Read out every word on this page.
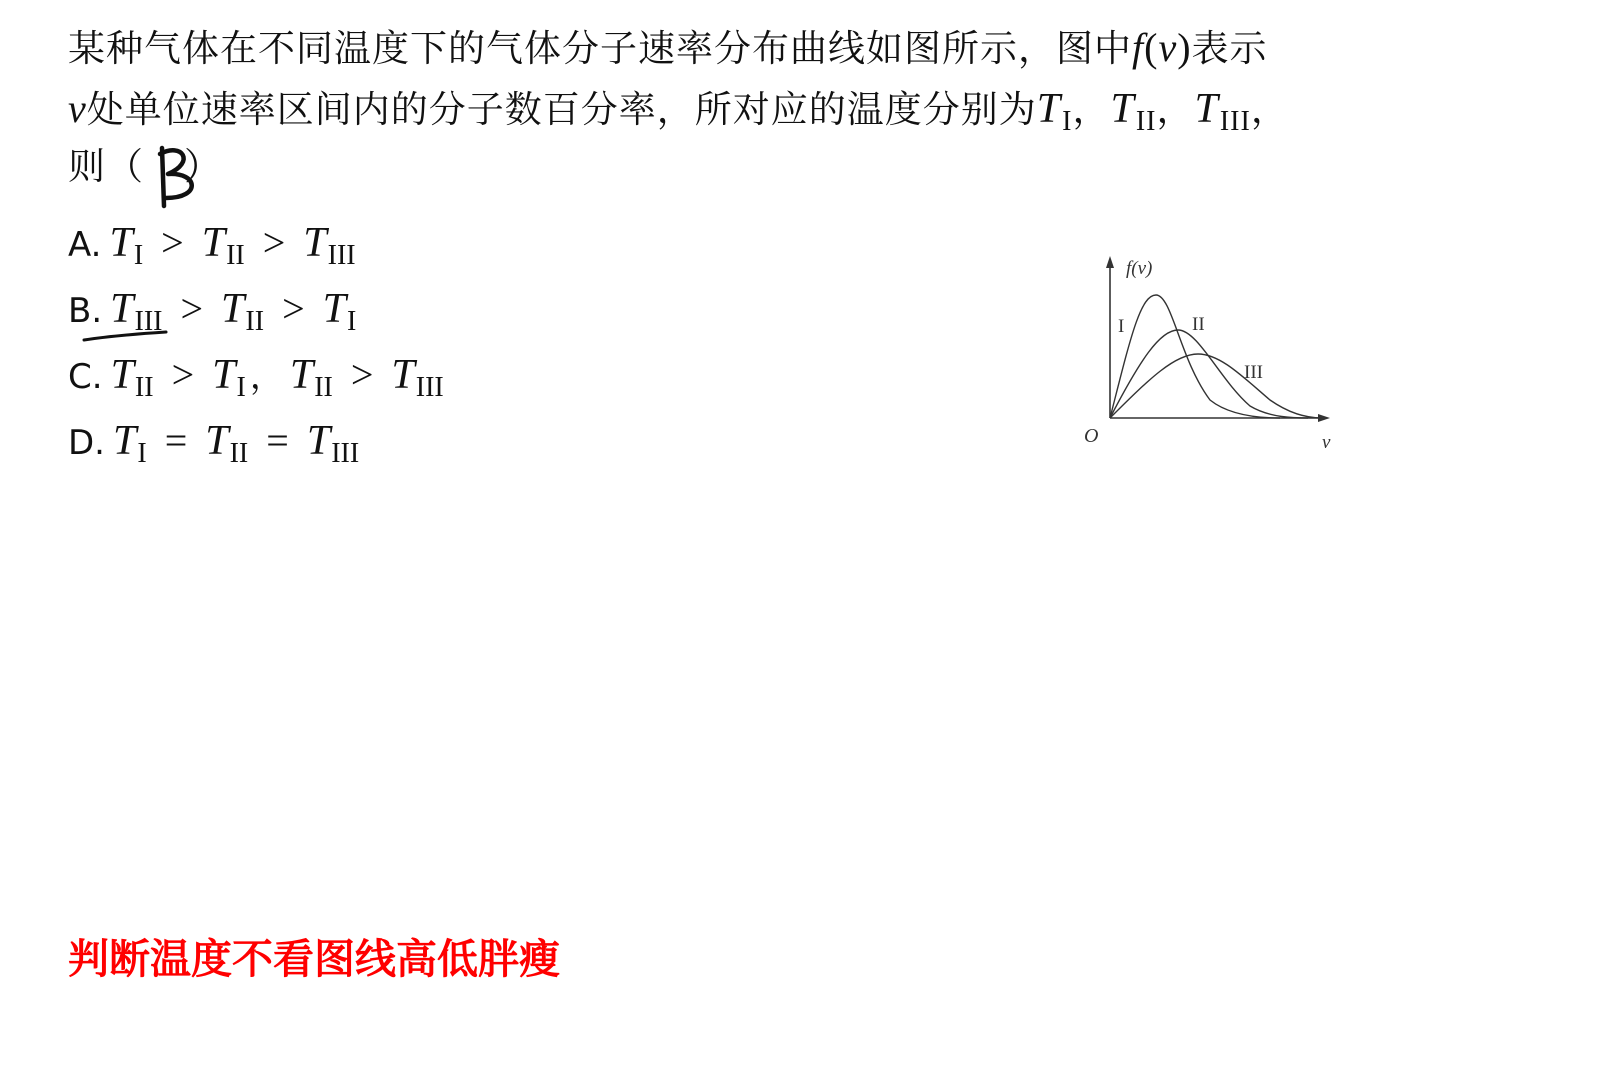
某种气体在不同温度下的气体分子速率分布曲线如图所示，图中f(v)表示
v处单位速率区间内的分子数百分率，所对应的温度分别为$T_I$，$T_{II}$，$T_{III}$，
则（ ）
A. $T_I > T_{II} > T_{III}$
B. $T_{III} > T_{II} > T_I$
C. $T_{II} > T_I$ ， $T_{II} > T_{III}$
D. $T_I = T_{II} = T_{III}$
f(v)
v
O
I	II
III
判断温度不看图线高低胖瘦
